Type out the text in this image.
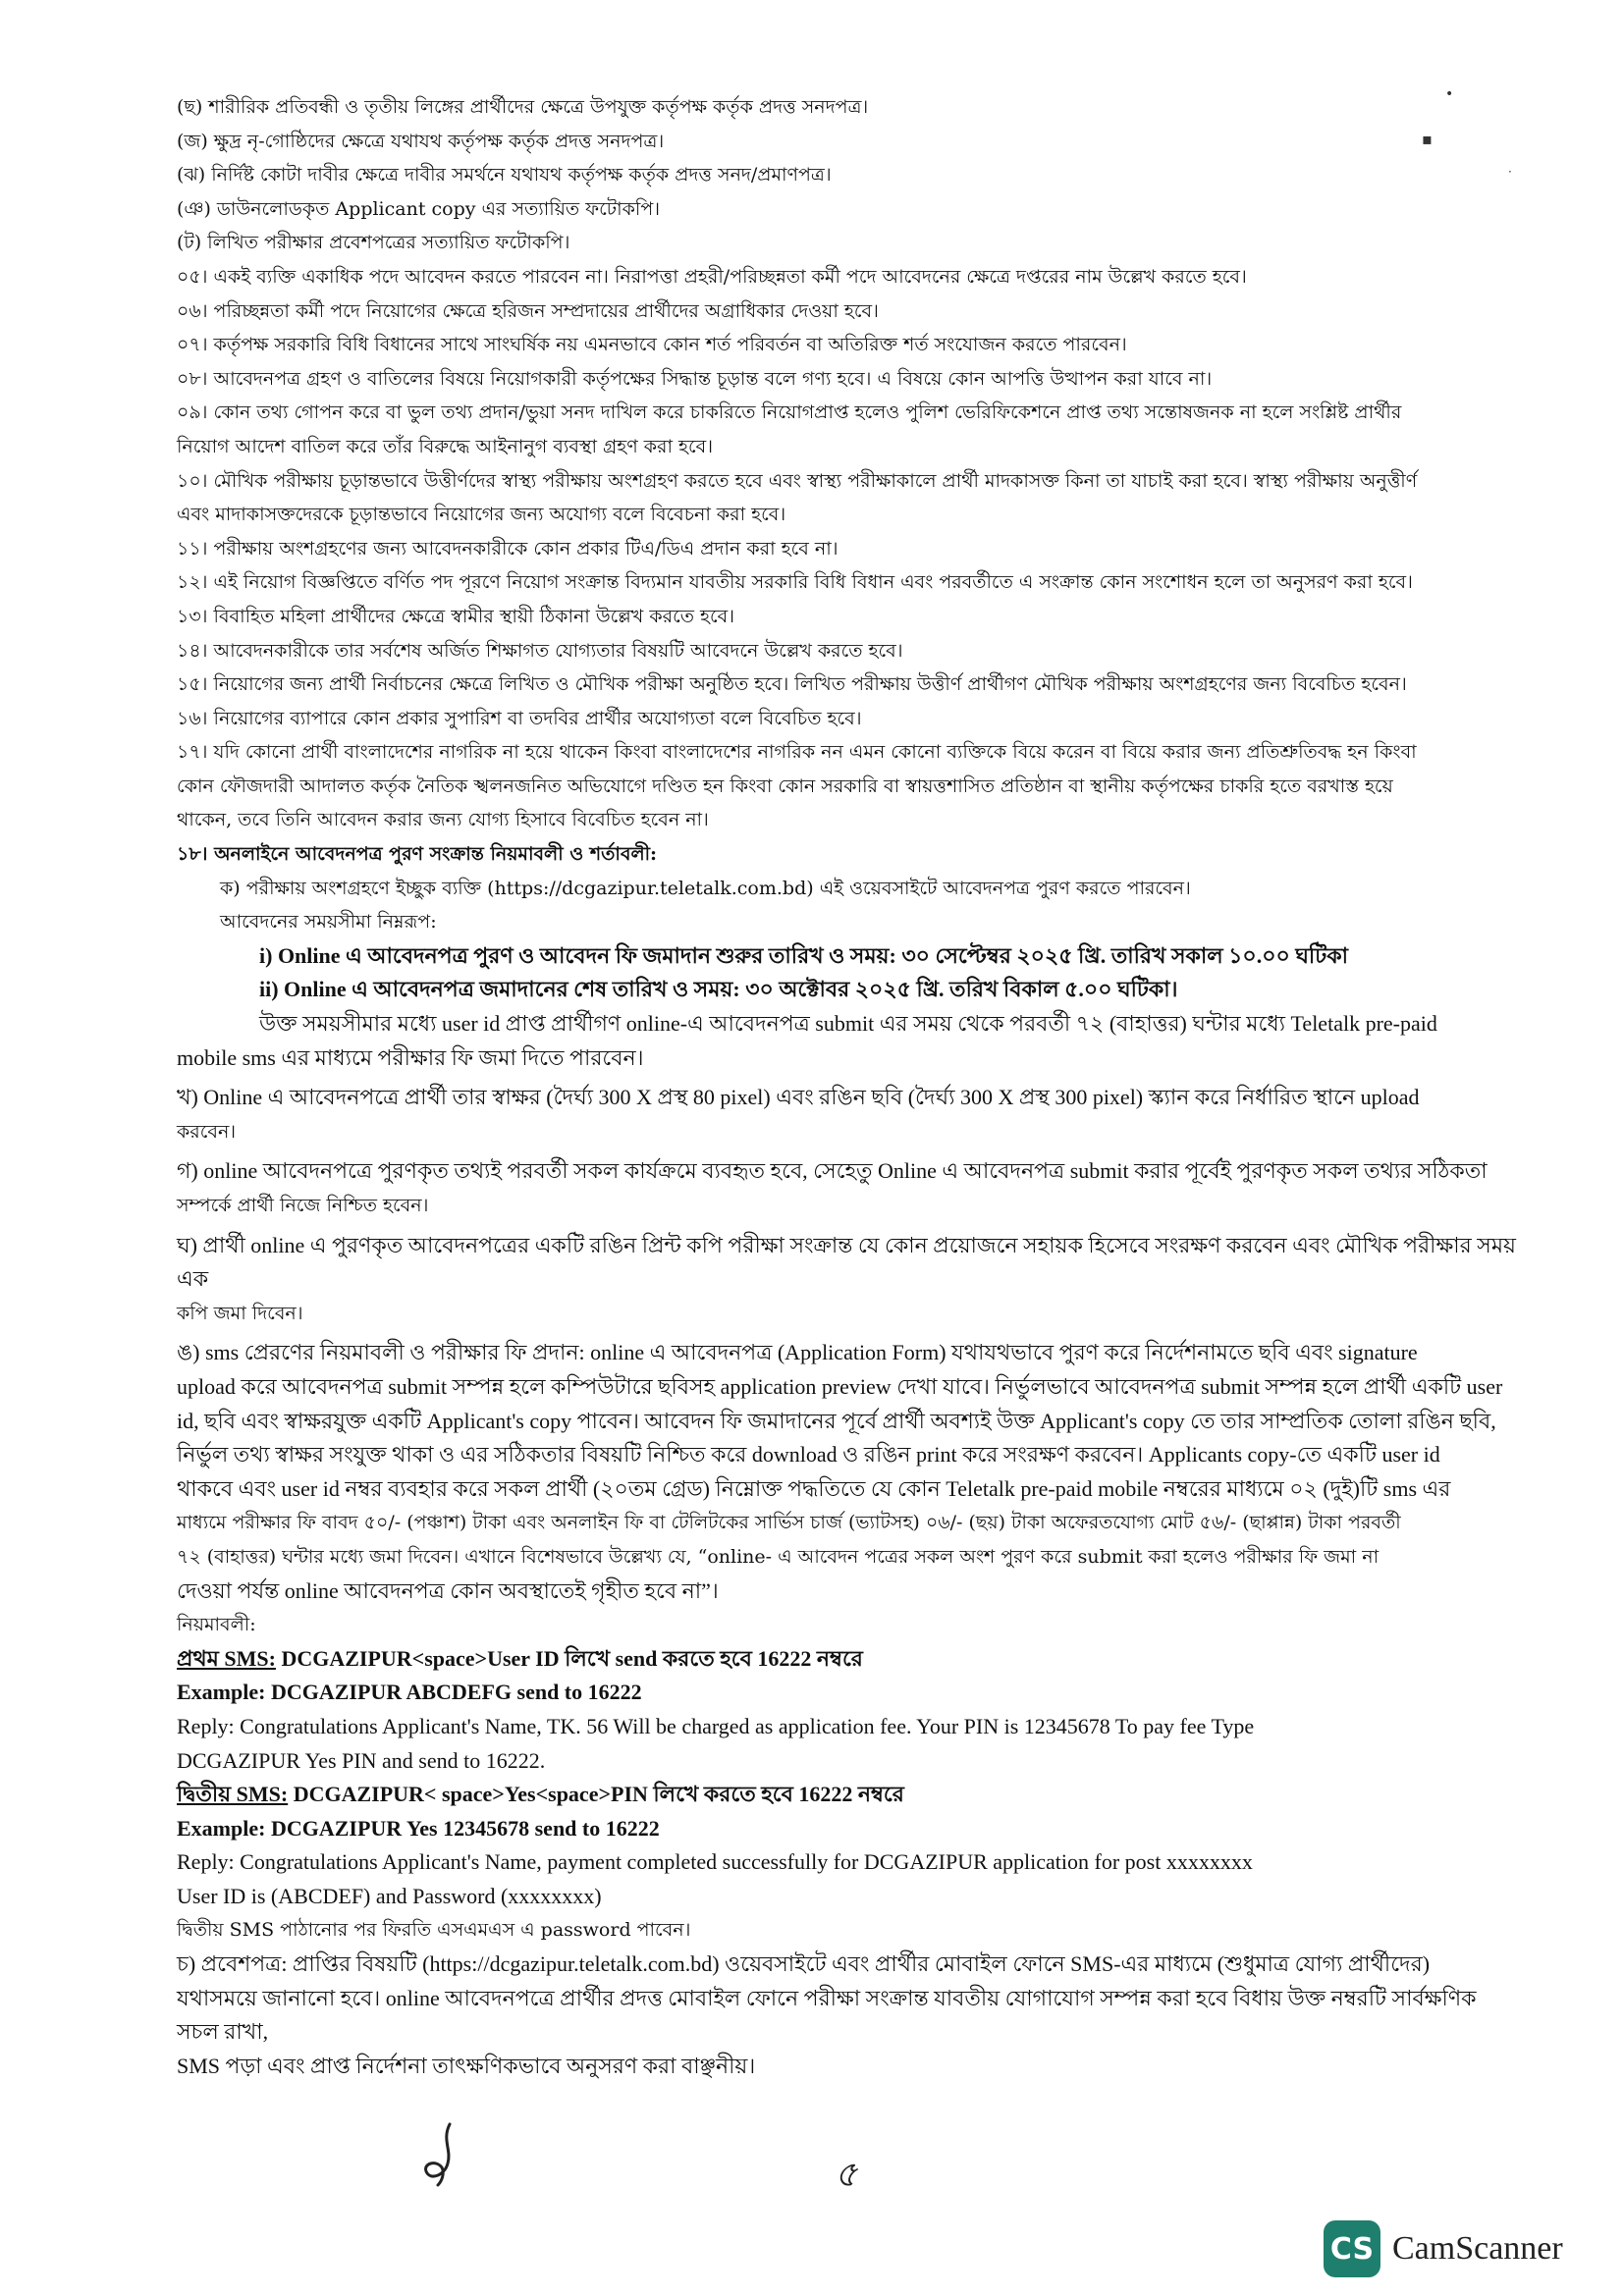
•
▪
·

(ছ) শারীরিক প্রতিবন্ধী ও তৃতীয় লিঙ্গের প্রার্থীদের ক্ষেত্রে উপযুক্ত কর্তৃপক্ষ কর্তৃক প্রদত্ত সনদপত্র।

(জ) ক্ষুদ্র নৃ-গোষ্ঠিদের ক্ষেত্রে যথাযথ কর্তৃপক্ষ কর্তৃক প্রদত্ত সনদপত্র।

(ঝ) নির্দিষ্ট কোটা দাবীর ক্ষেত্রে দাবীর সমর্থনে যথাযথ কর্তৃপক্ষ কর্তৃক প্রদত্ত সনদ/প্রমাণপত্র।

(ঞ) ডাউনলোডকৃত Applicant copy এর সত্যায়িত ফটোকপি।

(ট) লিখিত পরীক্ষার প্রবেশপত্রের সত্যায়িত ফটোকপি।

০৫। একই ব্যক্তি একাধিক পদে আবেদন করতে পারবেন না। নিরাপত্তা প্রহরী/পরিচ্ছন্নতা কর্মী পদে আবেদনের ক্ষেত্রে দপ্তরের নাম উল্লেখ করতে হবে।

০৬। পরিচ্ছন্নতা কর্মী পদে নিয়োগের ক্ষেত্রে হরিজন সম্প্রদায়ের প্রার্থীদের অগ্রাধিকার দেওয়া হবে।

০৭। কর্তৃপক্ষ সরকারি বিধি বিধানের সাথে সাংঘর্ষিক নয় এমনভাবে কোন শর্ত পরিবর্তন বা অতিরিক্ত শর্ত সংযোজন করতে পারবেন।

০৮। আবেদনপত্র গ্রহণ ও বাতিলের বিষয়ে নিয়োগকারী কর্তৃপক্ষের সিদ্ধান্ত চূড়ান্ত বলে গণ্য হবে। এ বিষয়ে কোন আপত্তি উত্থাপন করা যাবে না।

০৯। কোন তথ্য গোপন করে বা ভুল তথ্য প্রদান/ভুয়া সনদ দাখিল করে চাকরিতে নিয়োগপ্রাপ্ত হলেও পুলিশ ভেরিফিকেশনে প্রাপ্ত তথ্য সন্তোষজনক না হলে সংশ্লিষ্ট প্রার্থীর

নিয়োগ আদেশ বাতিল করে তাঁর বিরুদ্ধে আইনানুগ ব্যবস্থা গ্রহণ করা হবে।

১০। মৌখিক পরীক্ষায় চূড়ান্তভাবে উত্তীর্ণদের স্বাস্থ্য পরীক্ষায় অংশগ্রহণ করতে হবে এবং স্বাস্থ্য পরীক্ষাকালে প্রার্থী মাদকাসক্ত কিনা তা যাচাই করা হবে। স্বাস্থ্য পরীক্ষায় অনুত্তীর্ণ

এবং মাদাকাসক্তদেরকে চূড়ান্তভাবে নিয়োগের জন্য অযোগ্য বলে বিবেচনা করা হবে।

১১। পরীক্ষায় অংশগ্রহণের জন্য আবেদনকারীকে কোন প্রকার টিএ/ডিএ প্রদান করা হবে না।

১২। এই নিয়োগ বিজ্ঞপ্তিতে বর্ণিত পদ পূরণে নিয়োগ সংক্রান্ত বিদ্যমান যাবতীয় সরকারি বিধি বিধান এবং পরবর্তীতে এ সংক্রান্ত কোন সংশোধন হলে তা অনুসরণ করা হবে।

১৩। বিবাহিত মহিলা প্রার্থীদের ক্ষেত্রে স্বামীর স্থায়ী ঠিকানা উল্লেখ করতে হবে।

১৪। আবেদনকারীকে তার সর্বশেষ অর্জিত শিক্ষাগত যোগ্যতার বিষয়টি আবেদনে উল্লেখ করতে হবে।

১৫। নিয়োগের জন্য প্রার্থী নির্বাচনের ক্ষেত্রে লিখিত ও মৌখিক পরীক্ষা অনুষ্ঠিত হবে। লিখিত পরীক্ষায় উত্তীর্ণ প্রার্থীগণ মৌখিক পরীক্ষায় অংশগ্রহণের জন্য বিবেচিত হবেন।

১৬। নিয়োগের ব্যাপারে কোন প্রকার সুপারিশ বা তদবির প্রার্থীর অযোগ্যতা বলে বিবেচিত হবে।

১৭। যদি কোনো প্রার্থী বাংলাদেশের নাগরিক না হয়ে থাকেন কিংবা বাংলাদেশের নাগরিক নন এমন কোনো ব্যক্তিকে বিয়ে করেন বা বিয়ে করার জন্য প্রতিশ্রুতিবদ্ধ হন কিংবা

কোন ফৌজদারী আদালত কর্তৃক নৈতিক স্খলনজনিত অভিযোগে দণ্ডিত হন কিংবা কোন সরকারি বা স্বায়ত্তশাসিত প্রতিষ্ঠান বা স্থানীয় কর্তৃপক্ষের চাকরি হতে বরখাস্ত হয়ে

থাকেন, তবে তিনি আবেদন করার জন্য যোগ্য হিসাবে বিবেচিত হবেন না।

১৮। অনলাইনে আবেদনপত্র পুরণ সংক্রান্ত নিয়মাবলী ও শর্তাবলী:

ক) পরীক্ষায় অংশগ্রহণে ইচ্ছুক ব্যক্তি (https://dcgazipur.teletalk.com.bd) এই ওয়েবসাইটে আবেদনপত্র পুরণ করতে পারবেন।

আবেদনের সময়সীমা নিম্নরূপ:

i) Online এ আবেদনপত্র পুরণ ও আবেদন ফি জমাদান শুরুর তারিখ ও সময়: ৩০ সেপ্টেম্বর ২০২৫ খ্রি. তারিখ সকাল ১০.০০ ঘটিকা

ii) Online এ আবেদনপত্র জমাদানের শেষ তারিখ ও সময়: ৩০ অক্টোবর ২০২৫ খ্রি. তরিখ বিকাল ৫.০০ ঘটিকা।

উক্ত সময়সীমার মধ্যে user id প্রাপ্ত প্রার্থীগণ online-এ আবেদনপত্র submit এর সময় থেকে পরবর্তী ৭২ (বাহাত্তর) ঘন্টার মধ্যে Teletalk pre-paid

mobile sms এর মাধ্যমে পরীক্ষার ফি জমা দিতে পারবেন।

খ) Online এ আবেদনপত্রে প্রার্থী তার স্বাক্ষর (দৈর্ঘ্য 300 X প্রস্থ 80 pixel) এবং রঙিন ছবি (দৈর্ঘ্য 300 X প্রস্থ 300 pixel) স্ক্যান করে নির্ধারিত স্থানে upload

করবেন।

গ) online আবেদনপত্রে পুরণকৃত তথ্যই পরবর্তী সকল কার্যক্রমে ব্যবহৃত হবে, সেহেতু Online এ আবেদনপত্র submit করার পূর্বেই পুরণকৃত সকল তথ্যর সঠিকতা

সম্পর্কে প্রার্থী নিজে নিশ্চিত হবেন।

ঘ) প্রার্থী online এ পুরণকৃত আবেদনপত্রের একটি রঙিন প্রিন্ট কপি পরীক্ষা সংক্রান্ত যে কোন প্রয়োজনে সহায়ক হিসেবে সংরক্ষণ করবেন এবং মৌখিক পরীক্ষার সময় এক

কপি জমা দিবেন।

ঙ) sms প্রেরণের নিয়মাবলী ও পরীক্ষার ফি প্রদান: online এ আবেদনপত্র (Application Form) যথাযথভাবে পুরণ করে নির্দেশনামতে ছবি এবং signature

upload করে আবেদনপত্র submit সম্পন্ন হলে কম্পিউটারে ছবিসহ application preview দেখা যাবে। নির্ভুলভাবে আবেদনপত্র submit সম্পন্ন হলে প্রার্থী একটি user

id, ছবি এবং স্বাক্ষরযুক্ত একটি Applicant's copy পাবেন। আবেদন ফি জমাদানের পূর্বে প্রার্থী অবশ্যই উক্ত Applicant's copy তে তার সাম্প্রতিক তোলা রঙিন ছবি,

নির্ভুল তথ্য স্বাক্ষর সংযুক্ত থাকা ও এর সঠিকতার বিষয়টি নিশ্চিত করে download ও রঙিন print করে সংরক্ষণ করবেন। Applicants copy-তে একটি user id

থাকবে এবং user id নম্বর ব্যবহার করে সকল প্রার্থী (২০তম গ্রেড) নিম্নোক্ত পদ্ধতিতে যে কোন Teletalk pre-paid mobile নম্বরের মাধ্যমে ০২ (দুই)টি sms এর

মাধ্যমে পরীক্ষার ফি বাবদ ৫০/- (পঞ্চাশ) টাকা এবং অনলাইন ফি বা টেলিটকের সার্ভিস চার্জ (ভ্যাটসহ) ০৬/- (ছয়) টাকা অফেরতযোগ্য মোট ৫৬/- (ছাপ্পান্ন) টাকা পরবর্তী

৭২ (বাহাত্তর) ঘন্টার মধ্যে জমা দিবেন। এখানে বিশেষভাবে উল্লেখ্য যে, “online- এ আবেদন পত্রের সকল অংশ পুরণ করে submit করা হলেও পরীক্ষার ফি জমা না

দেওয়া পর্যন্ত online আবেদনপত্র কোন অবস্থাতেই গৃহীত হবে না”।

নিয়মাবলী:

প্রথম SMS: DCGAZIPUR<space>User ID লিখে send করতে হবে 16222 নম্বরে

Example: DCGAZIPUR ABCDEFG send to 16222

Reply: Congratulations Applicant's Name, TK. 56 Will be charged as application fee. Your PIN is 12345678 To pay fee Type

DCGAZIPUR Yes PIN and send to 16222.

দ্বিতীয় SMS: DCGAZIPUR< space>Yes<space>PIN লিখে করতে হবে 16222 নম্বরে

Example: DCGAZIPUR Yes 12345678 send to 16222

Reply: Congratulations Applicant's Name, payment completed successfully for DCGAZIPUR application for post xxxxxxxx

User ID is (ABCDEF) and Password (xxxxxxxx)

দ্বিতীয় SMS পাঠানোর পর ফিরতি এসএমএস এ password পাবেন।

চ) প্রবেশপত্র: প্রাপ্তির বিষয়টি (https://dcgazipur.teletalk.com.bd) ওয়েবসাইটে এবং প্রার্থীর মোবাইল ফোনে SMS-এর মাধ্যমে (শুধুমাত্র যোগ্য প্রার্থীদের)

যথাসময়ে জানানো হবে। online আবেদনপত্রে প্রার্থীর প্রদত্ত মোবাইল ফোনে পরীক্ষা সংক্রান্ত যাবতীয় যোগাযোগ সম্পন্ন করা হবে বিধায় উক্ত নম্বরটি সার্বক্ষণিক সচল রাখা,

SMS পড়া এবং প্রাপ্ত নির্দেশনা তাৎক্ষণিকভাবে অনুসরণ করা বাঞ্ছনীয়।

৫
CS CamScanner
